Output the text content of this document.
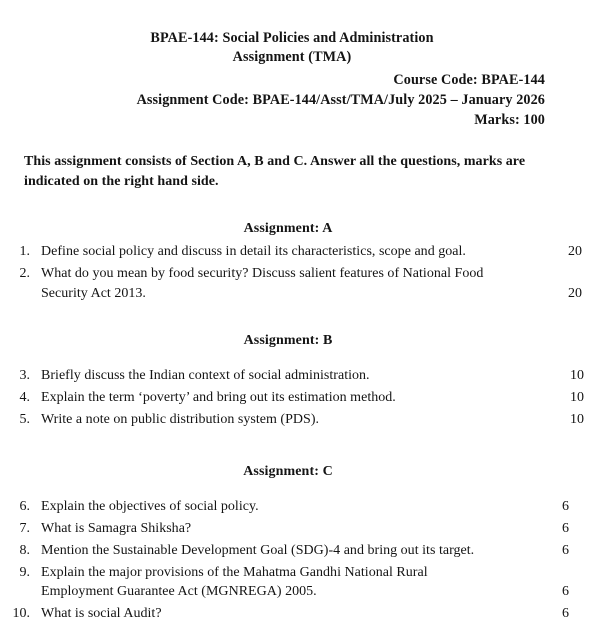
BPAE-144: Social Policies and Administration
Assignment (TMA)
Course Code: BPAE-144
Assignment Code: BPAE-144/Asst/TMA/July 2025 – January 2026
Marks: 100
This assignment consists of Section A, B and C. Answer all the questions, marks are
indicated on the right hand side.
Assignment: A
1. Define social policy and discuss in detail its characteristics, scope and goal.	20
2. What do you mean by food security? Discuss salient features of National Food Security Act 2013.	20
Assignment: B
3. Briefly discuss the Indian context of social administration.	10
4. Explain the term ‘poverty’ and bring out its estimation method.	10
5. Write a note on public distribution system (PDS).	10
Assignment: C
6. Explain the objectives of social policy.	6
7. What is Samagra Shiksha?	6
8. Mention the Sustainable Development Goal (SDG)-4 and bring out its target.	6
9. Explain the major provisions of the Mahatma Gandhi National Rural Employment Guarantee Act (MGNREGA) 2005.	6
10. What is social Audit?	6
